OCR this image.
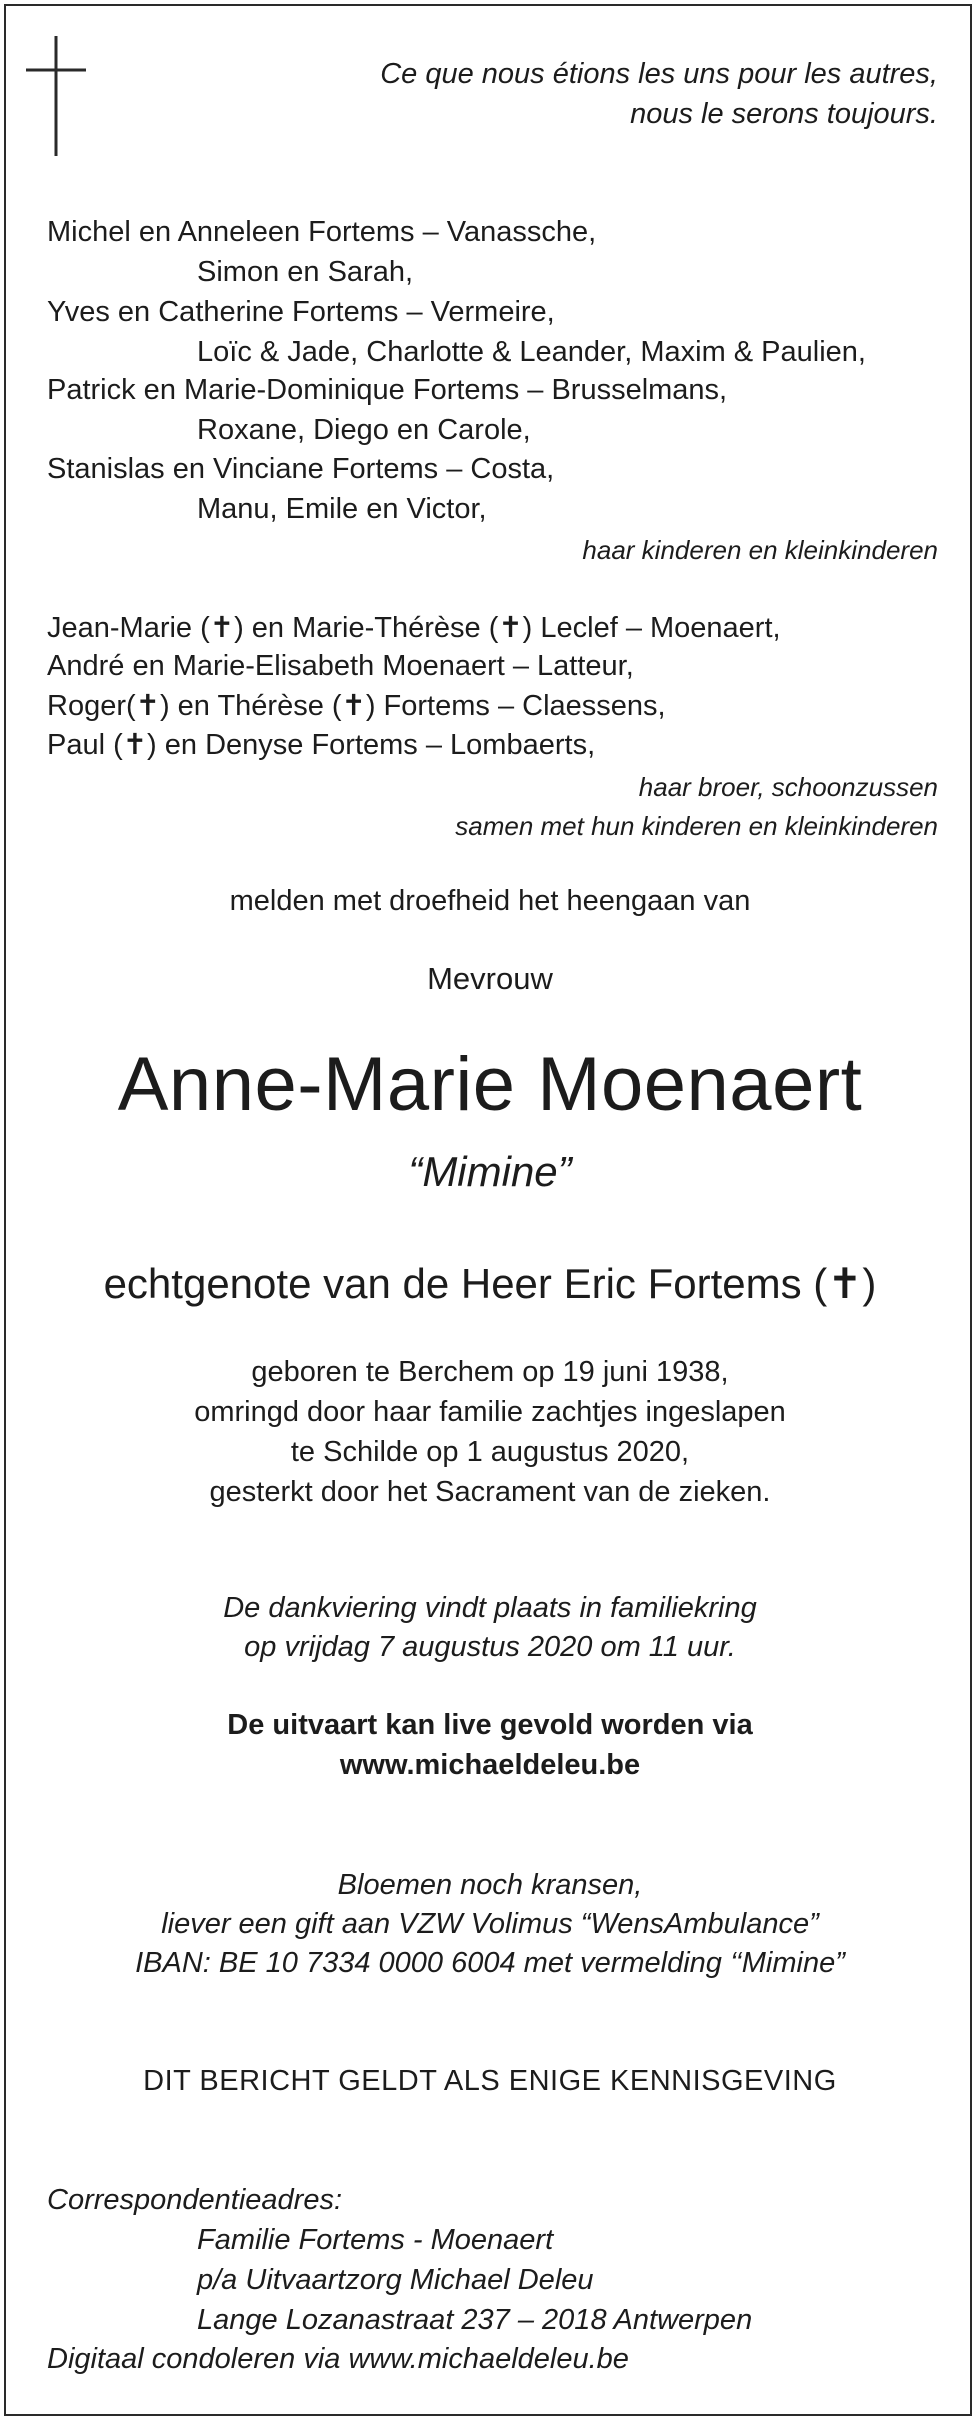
Ce que nous étions les uns pour les autres,
nous le serons toujours.
Michel en Anneleen Fortems – Vanassche,
Simon en Sarah,
Yves en Catherine Fortems – Vermeire,
Loïc & Jade, Charlotte & Leander, Maxim & Paulien,
Patrick en Marie-Dominique Fortems – Brusselmans,
Roxane, Diego en Carole,
Stanislas en Vinciane Fortems – Costa,
Manu, Emile en Victor,
haar kinderen en kleinkinderen
Jean-Marie (✝) en Marie-Thérèse (✝) Leclef – Moenaert,
André en Marie-Elisabeth Moenaert – Latteur,
Roger(✝) en Thérèse (✝) Fortems – Claessens,
Paul (✝) en Denyse Fortems – Lombaerts,
haar broer, schoonzussen
samen met hun kinderen en kleinkinderen
melden met droefheid het heengaan van
Mevrouw
Anne-Marie Moenaert
“Mimine”
echtgenote van de Heer Eric Fortems (✝)
geboren te Berchem op 19 juni 1938,
omringd door haar familie zachtjes ingeslapen
te Schilde op 1 augustus 2020,
gesterkt door het Sacrament van de zieken.
De dankviering vindt plaats in familiekring
op vrijdag 7 augustus 2020 om 11 uur.
De uitvaart kan live gevold worden via
www.michaeldeleu.be
Bloemen noch kransen,
liever een gift aan VZW Volimus “WensAmbulance”
IBAN: BE 10 7334 0000 6004 met vermelding ‘‘Mimine”
DIT BERICHT GELDT ALS ENIGE KENNISGEVING
Correspondentieadres:
Familie Fortems - Moenaert
p/a Uitvaartzorg Michael Deleu
Lange Lozanastraat 237 – 2018 Antwerpen
Digitaal condoleren via www.michaeldeleu.be
